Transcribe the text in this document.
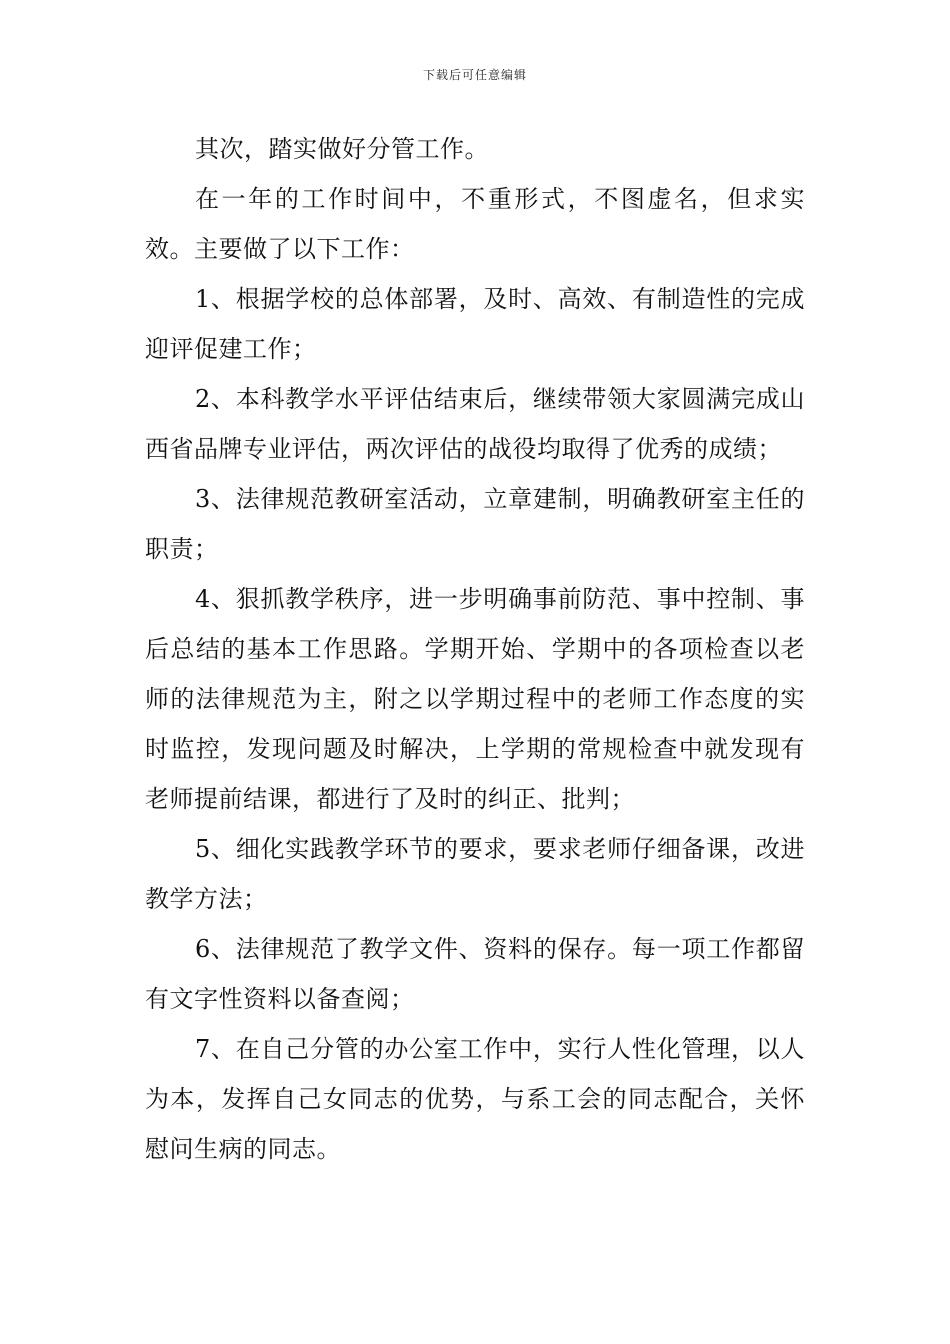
下载后可任意编辑

其次，踏实做好分管工作。

在一年的工作时间中，不重形式，不图虚名，但求实效。主要做了以下工作：

1、根据学校的总体部署，及时、高效、有制造性的完成迎评促建工作；

2、本科教学水平评估结束后，继续带领大家圆满完成山西省品牌专业评估，两次评估的战役均取得了优秀的成绩；

3、法律规范教研室活动，立章建制，明确教研室主任的职责；

4、狠抓教学秩序，进一步明确事前防范、事中控制、事后总结的基本工作思路。学期开始、学期中的各项检查以老师的法律规范为主，附之以学期过程中的老师工作态度的实时监控，发现问题及时解决，上学期的常规检查中就发现有老师提前结课，都进行了及时的纠正、批判；

5、细化实践教学环节的要求，要求老师仔细备课，改进教学方法；

6、法律规范了教学文件、资料的保存。每一项工作都留有文字性资料以备查阅；

7、在自己分管的办公室工作中，实行人性化管理，以人为本，发挥自己女同志的优势，与系工会的同志配合，关怀慰问生病的同志。
